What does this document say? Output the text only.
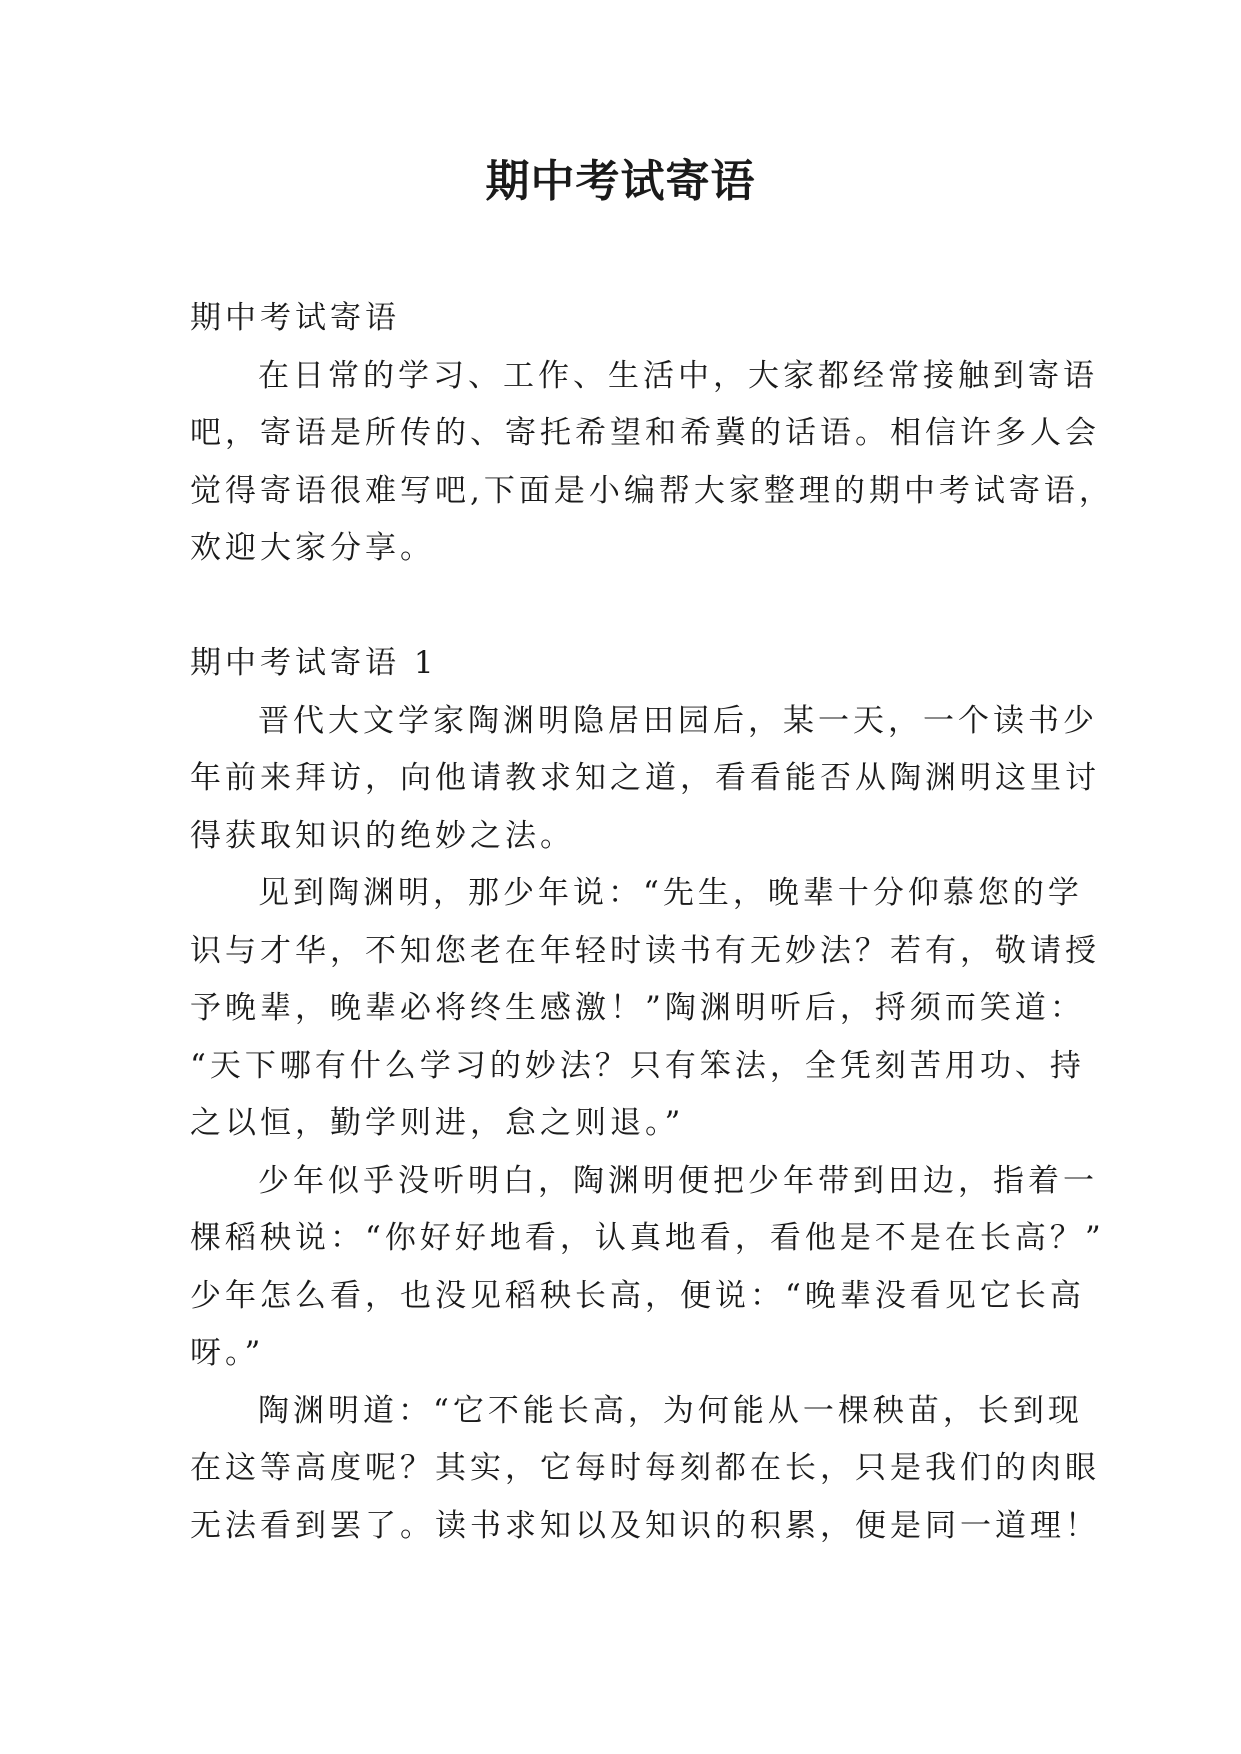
期中考试寄语
期中考试寄语
在日常的学习、工作、生活中，大家都经常接触到寄语
吧，寄语是所传的、寄托希望和希冀的话语。相信许多人会
觉得寄语很难写吧,下面是小编帮大家整理的期中考试寄语，
欢迎大家分享。
期中考试寄语 1
晋代大文学家陶渊明隐居田园后，某一天，一个读书少
年前来拜访，向他请教求知之道，看看能否从陶渊明这里讨
得获取知识的绝妙之法。
见到陶渊明，那少年说：“先生，晚辈十分仰慕您的学
识与才华，不知您老在年轻时读书有无妙法？若有，敬请授
予晚辈，晚辈必将终生感激！”陶渊明听后，捋须而笑道：
“天下哪有什么学习的妙法？只有笨法，全凭刻苦用功、持
之以恒，勤学则进，怠之则退。”
少年似乎没听明白，陶渊明便把少年带到田边，指着一
棵稻秧说：“你好好地看，认真地看，看他是不是在长高？”
少年怎么看，也没见稻秧长高，便说：“晚辈没看见它长高
呀。”
陶渊明道：“它不能长高，为何能从一棵秧苗，长到现
在这等高度呢？其实，它每时每刻都在长，只是我们的肉眼
无法看到罢了。读书求知以及知识的积累，便是同一道理！
